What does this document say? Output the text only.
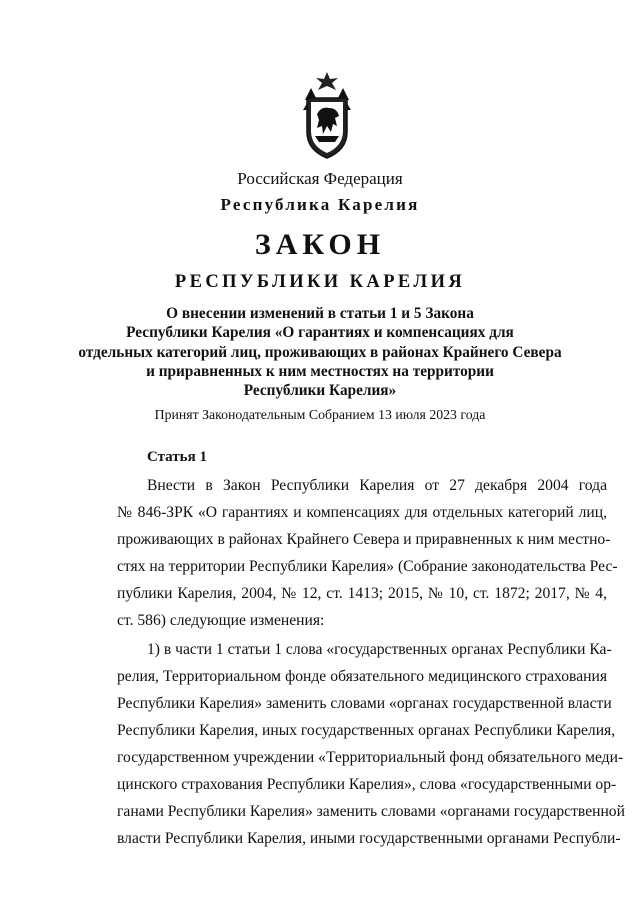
Российская Федерация
Республика Карелия
ЗАКОН
РЕСПУБЛИКИ КАРЕЛИЯ
О внесении изменений в статьи 1 и 5 Закона
Республики Карелия «О гарантиях и компенсациях для
отдельных категорий лиц, проживающих в районах Крайнего Севера
и приравненных к ним местностях на территории
Республики Карелия»
Принят Законодательным Собранием 13 июля 2023 года
Статья 1
Внести в Закон Республики Карелия от 27 декабря 2004 года
№ 846-ЗРК «О гарантиях и компенсациях для отдельных категорий лиц,
проживающих в районах Крайнего Севера и приравненных к ним местно-
стях на территории Республики Карелия» (Собрание законодательства Рес-
публики Карелия, 2004, № 12, ст. 1413; 2015, № 10, ст. 1872; 2017, № 4,
ст. 586) следующие изменения:
1) в части 1 статьи 1 слова «государственных органах Республики Ка-
релия, Территориальном фонде обязательного медицинского страхования
Республики Карелия» заменить словами «органах государственной власти
Республики Карелия, иных государственных органах Республики Карелия,
государственном учреждении «Территориальный фонд обязательного меди-
цинского страхования Республики Карелия», слова «государственными ор-
ганами Республики Карелия» заменить словами «органами государственной
власти Республики Карелия, иными государственными органами Республи-
